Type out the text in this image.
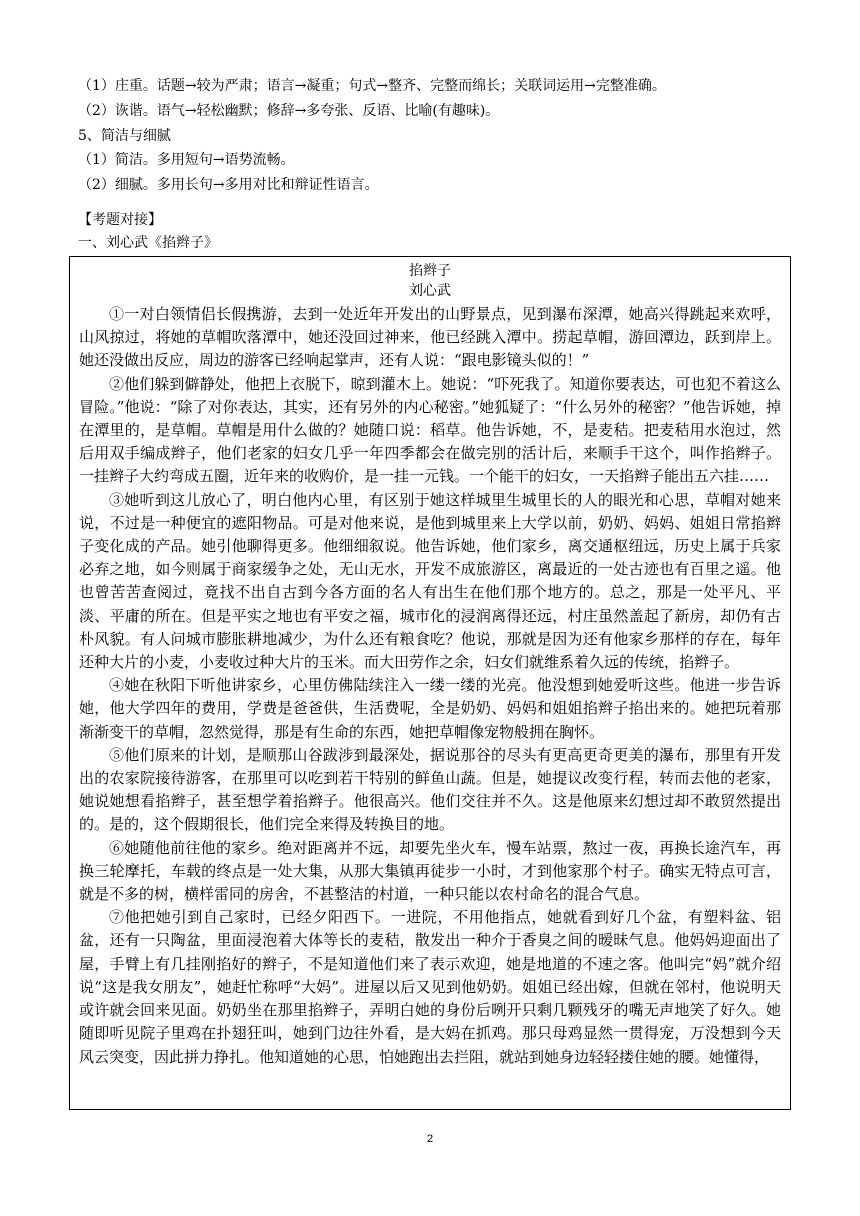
（1）庄重。话题→较为严肃；语言→凝重；句式→整齐、完整而绵长；关联词运用→完整准确。
（2）诙谐。语气→轻松幽默；修辞→多夸张、反语、比喻(有趣味)。
5、简洁与细腻
（1）简洁。多用短句→语势流畅。
（2）细腻。多用长句→多用对比和辩证性语言。
【考题对接】
一、刘心武《掐辫子》
掐辫子
刘心武

①一对白领情侣长假携游，去到一处近年开发出的山野景点，见到瀑布深潭，她高兴得跳起来欢呼，山风掠过，将她的草帽吹落潭中，她还没回过神来，他已经跳入潭中。捞起草帽，游回潭边，跃到岸上。她还没做出反应，周边的游客已经响起掌声，还有人说：“跟电影镜头似的！”

②他们躲到僻静处，他把上衣脱下，晾到灌木上。她说：“吓死我了。知道你要表达，可也犯不着这么冒险。”他说：“除了对你表达，其实，还有另外的内心秘密。”她狐疑了：“什么另外的秘密？”他告诉她，掉在潭里的，是草帽。草帽是用什么做的？她随口说：稻草。他告诉她，不，是麦秸。把麦秸用水泡过，然后用双手编成辫子，他们老家的妇女几乎一年四季都会在做完别的活计后，来顺手干这个，叫作掐辫子。一挂辫子大约弯成五圈，近年来的收购价，是一挂一元钱。一个能干的妇女，一天掐辫子能出五六挂……

③她听到这儿放心了，明白他内心里，有区别于她这样城里生城里长的人的眼光和心思，草帽对她来说，不过是一种便宜的遮阳物品。可是对他来说，是他到城里来上大学以前，奶奶、妈妈、姐姐日常掐辫子变化成的产品。她引他聊得更多。他细细叙说。他告诉她，他们家乡，离交通枢纽远，历史上属于兵家必弃之地，如今则属于商家缓争之处，无山无水，开发不成旅游区，离最近的一处古迹也有百里之遥。他也曾苦苦查阅过，竟找不出自古到今各方面的名人有出生在他们那个地方的。总之，那是一处平凡、平淡、平庸的所在。但是平实之地也有平安之福，城市化的浸润离得还远，村庄虽然盖起了新房，却仍有古朴风貌。有人问城市膨胀耕地减少，为什么还有粮食吃？他说，那就是因为还有他家乡那样的存在，每年还种大片的小麦，小麦收过种大片的玉米。而大田劳作之余，妇女们就维系着久远的传统，掐辫子。

④她在秋阳下听他讲家乡，心里仿佛陆续注入一缕一缕的光亮。他没想到她爱听这些。他进一步告诉她，他大学四年的费用，学费是爸爸供，生活费呢，全是奶奶、妈妈和姐姐掐辫子掐出来的。她把玩着那渐渐变干的草帽，忽然觉得，那是有生命的东西，她把草帽像宠物般拥在胸怀。

⑤他们原来的计划，是顺那山谷跋涉到最深处，据说那谷的尽头有更高更奇更美的瀑布，那里有开发出的农家院接待游客，在那里可以吃到若干特别的鲜鱼山蔬。但是，她提议改变行程，转而去他的老家，她说她想看掐辫子，甚至想学着掐辫子。他很高兴。他们交往并不久。这是他原来幻想过却不敢贸然提出的。是的，这个假期很长，他们完全来得及转换目的地。

⑥她随他前往他的家乡。绝对距离并不远，却要先坐火车，慢车站票，熬过一夜，再换长途汽车，再换三轮摩托，车载的终点是一处大集，从那大集镇再徒步一小时，才到他家那个村子。确实无特点可言，就是不多的树，横样雷同的房舍，不甚整洁的村道，一种只能以农村命名的混合气息。

⑦他把她引到自己家时，已经夕阳西下。一进院，不用他指点，她就看到好几个盆，有塑料盆、铝盆，还有一只陶盆，里面浸泡着大体等长的麦秸，散发出一种介于香臭之间的暧昧气息。他妈妈迎面出了屋，手臂上有几挂刚掐好的辫子，不是知道他们来了表示欢迎，她是地道的不速之客。他叫完“妈”就介绍说“这是我女朋友”，她赶忙称呼“大妈”。进屋以后又见到他奶奶。姐姐已经出嫁，但就在邻村，他说明天或许就会回来见面。奶奶坐在那里掐辫子，弄明白她的身份后咧开只剩几颗残牙的嘴无声地笑了好久。她随即听见院子里鸡在扑翅狂叫，她到门边往外看，是大妈在抓鸡。那只母鸡显然一贯得宠，万没想到今天风云突变，因此拼力挣扎。他知道她的心思，怕她跑出去拦阻，就站到她身边轻轻搂住她的腰。她懂得，

2
